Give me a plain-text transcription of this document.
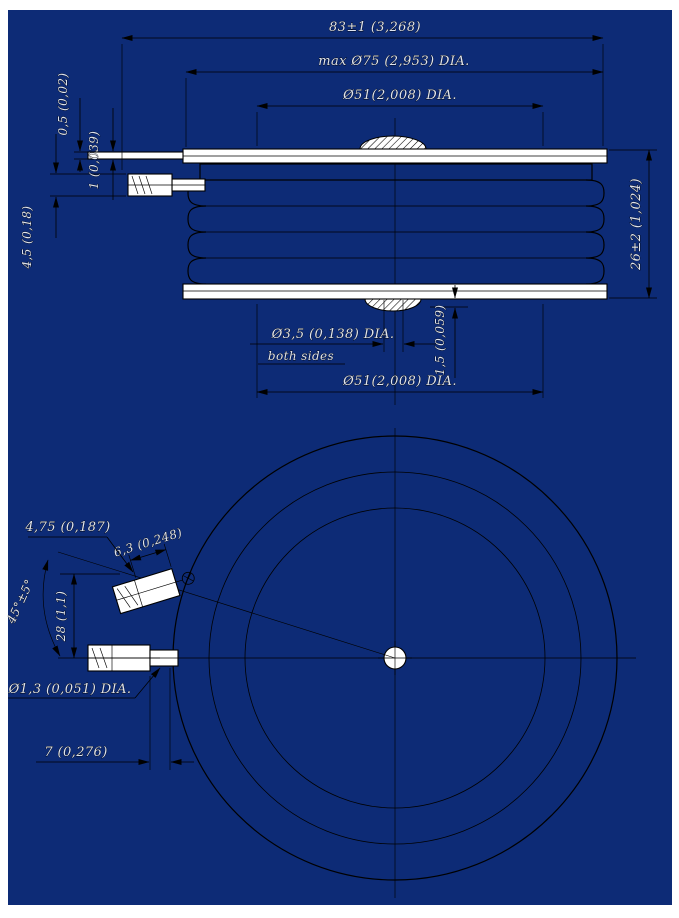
83±1 (3,268)
max Ø75 (2,953) DIA.
Ø51(2,008) DIA.
0,5 (0,02)
1 (0,039)
4,5 (0,18)	26±2 (1,024)
1,5 (0,059)
Ø3,5 (0,138) DIA.
both sides
Ø51(2,008) DIA.
6,3 (0,248)
4,75 (0,187)
45°±5° 28 (1,1)
Ø1,3 (0,051) DIA.
7 (0,276)
